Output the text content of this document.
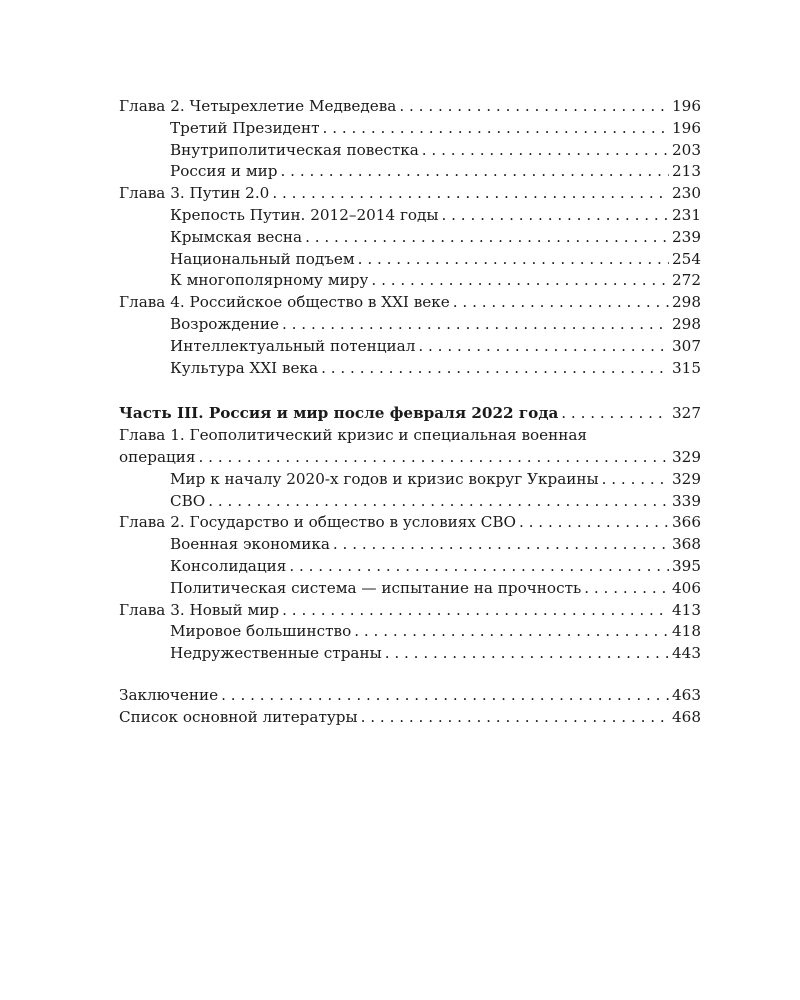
Глава 2. Четырехлетие Медведева . . .	196
Третий Президент . . .	196
Внутриполитическая повестка . . .	203
Россия и мир . . .	213
Глава 3. Путин 2.0 . . .	230
Крепость Путин. 2012–2014 годы . . .	231
Крымская весна . . .	239
Национальный подъем . . .	254
К многополярному миру . . .	272
Глава 4. Российское общество в XXI веке . . .	298
Возрождение . . .	298
Интеллектуальный потенциал . . .	307
Культура XXI века . . .	315
Часть III. Россия и мир после февраля 2022 года . . .	327
Глава 1. Геополитический кризис и специальная военная
операция . . .	329
Мир к началу 2020-х годов и кризис вокруг Украины . . .	329
СВО . . .	339
Глава 2. Государство и общество в условиях СВО . . .	366
Военная экономика . . .	368
Консолидация . . .	395
Политическая система — испытание на прочность . . .	406
Глава 3. Новый мир . . .	413
Мировое большинство . . .	418
Недружественные страны . . .	443
Заключение . . .	463
Список основной литературы . . .	468
